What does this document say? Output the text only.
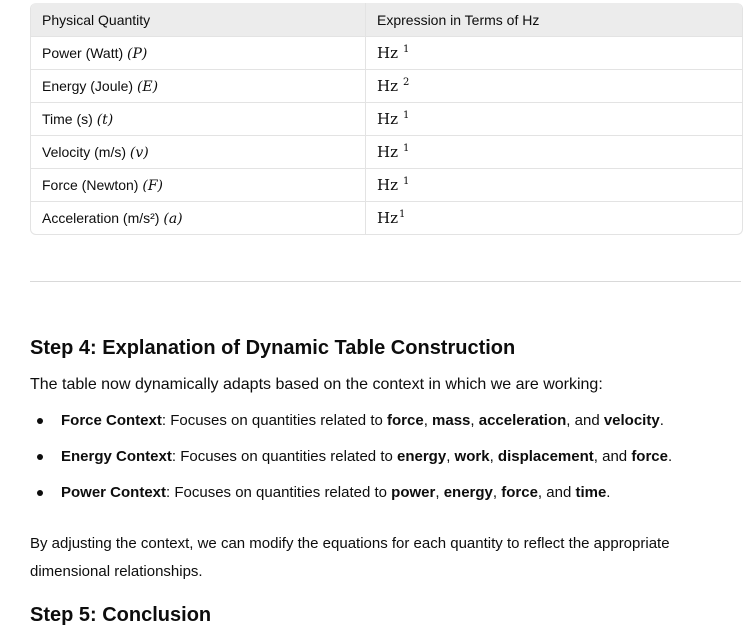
Physical Quantity	Expression in Terms of Hz
Power (Watt) (P)	Hz $^1$
Energy (Joule) (E)	Hz $^2$
Time (s) (t)	Hz $^1$
Velocity (m/s) (v)	Hz $^1$
Force (Newton) (F)	Hz $^1$
Acceleration (m/s²) (a)	Hz$^1$
Step 4: Explanation of Dynamic Table Construction

The table now dynamically adapts based on the context in which we are working:

Force Context: Focuses on quantities related to force, mass, acceleration, and velocity.
Energy Context: Focuses on quantities related to energy, work, displacement, and force.
Power Context: Focuses on quantities related to power, energy, force, and time.

By adjusting the context, we can modify the equations for each quantity to reflect the appropriate dimensional relationships.

Step 5: Conclusion
